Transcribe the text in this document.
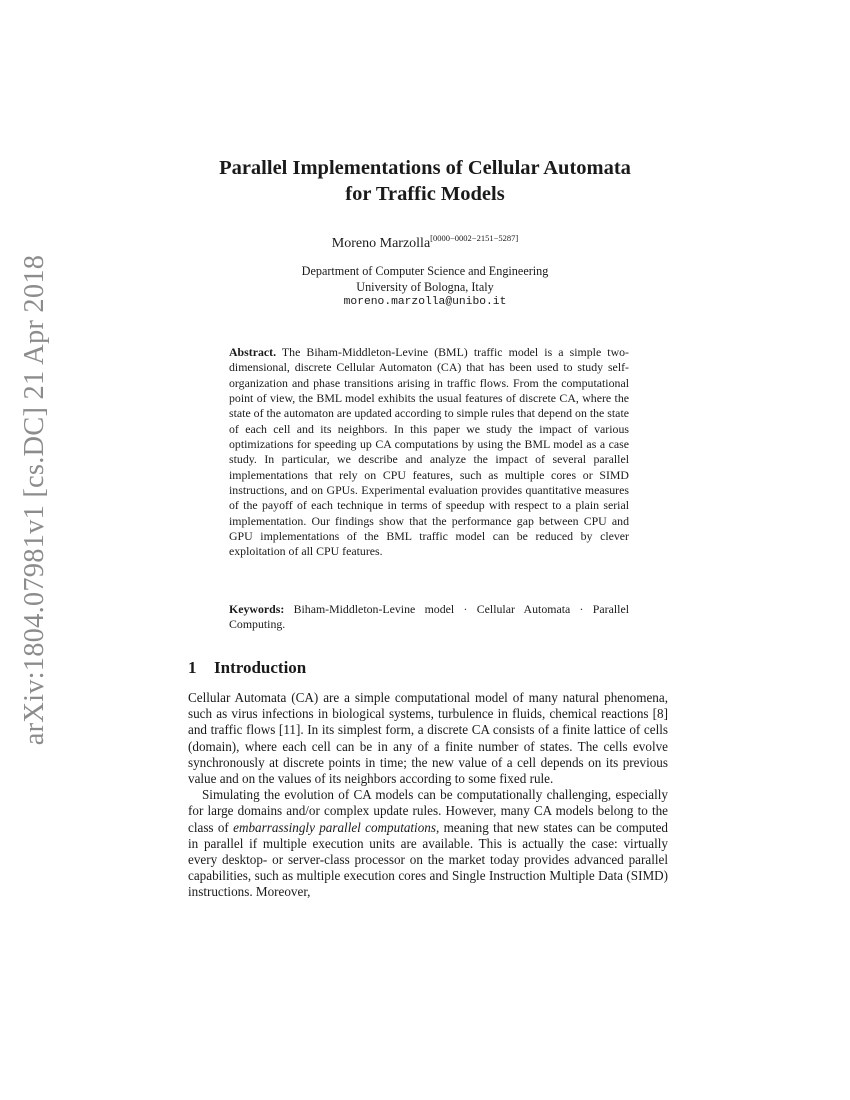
arXiv:1804.07981v1 [cs.DC] 21 Apr 2018
Parallel Implementations of Cellular Automata
for Traffic Models
Moreno Marzolla[0000−0002−2151−5287]
Department of Computer Science and Engineering
University of Bologna, Italy
moreno.marzolla@unibo.it
Abstract. The Biham-Middleton-Levine (BML) traffic model is a simple two-dimensional, discrete Cellular Automaton (CA) that has been used to study self-organization and phase transitions arising in traffic flows. From the computational point of view, the BML model exhibits the usual features of discrete CA, where the state of the automaton are updated according to simple rules that depend on the state of each cell and its neighbors. In this paper we study the impact of various optimizations for speeding up CA computations by using the BML model as a case study. In particular, we describe and analyze the impact of several parallel implementations that rely on CPU features, such as multiple cores or SIMD instructions, and on GPUs. Experimental evaluation provides quantitative measures of the payoff of each technique in terms of speedup with respect to a plain serial implementation. Our findings show that the performance gap between CPU and GPU implementations of the BML traffic model can be reduced by clever exploitation of all CPU features.
Keywords: Biham-Middleton-Levine model · Cellular Automata · Parallel Computing.
1 Introduction

Cellular Automata (CA) are a simple computational model of many natural phenomena, such as virus infections in biological systems, turbulence in fluids, chemical reactions [8] and traffic flows [11]. In its simplest form, a discrete CA consists of a finite lattice of cells (domain), where each cell can be in any of a finite number of states. The cells evolve synchronously at discrete points in time; the new value of a cell depends on its previous value and on the values of its neighbors according to some fixed rule.

Simulating the evolution of CA models can be computationally challenging, especially for large domains and/or complex update rules. However, many CA models belong to the class of embarrassingly parallel computations, meaning that new states can be computed in parallel if multiple execution units are available. This is actually the case: virtually every desktop- or server-class processor on the market today provides advanced parallel capabilities, such as multiple execution cores and Single Instruction Multiple Data (SIMD) instructions. Moreover,
